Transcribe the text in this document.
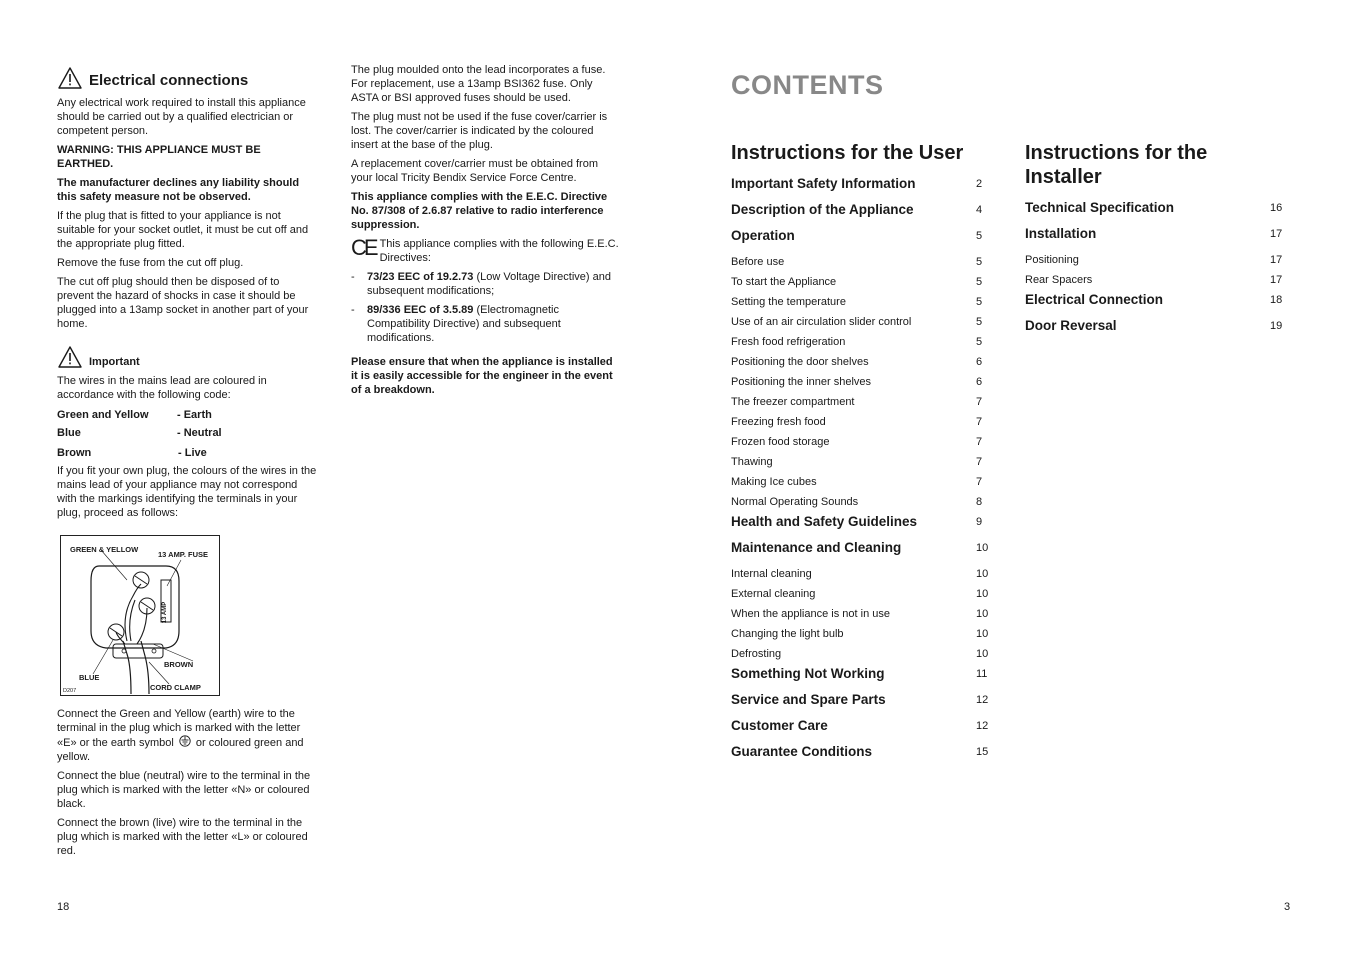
Electrical connections

Any electrical work required to install this appliance should be carried out by a qualified electrician or competent person.

WARNING: THIS APPLIANCE MUST BE EARTHED.

The manufacturer declines any liability should this safety measure not be observed.

If the plug that is fitted to your appliance is not suitable for your socket outlet, it must be cut off and the appropriate plug fitted.

Remove the fuse from the cut off plug.

The cut off plug should then be disposed of to prevent the hazard of shocks in case it should be plugged into a 13amp socket in another part of your home.

Important

The wires in the mains lead are coloured in accordance with the following code:

Green and Yellow	- Earth
Blue	- Neutral
Brown	- Live

If you fit your own plug, the colours of the wires in the mains lead of your appliance may not correspond with the markings identifying the terminals in your plug, proceed as follows:

GREEN & YELLOW
13 AMP. FUSE
13 AMP
BROWN
BLUE
CORD CLAMP
D207

Connect the Green and Yellow (earth) wire to the terminal in the plug which is marked with the letter «E» or the earth symbol or coloured green and yellow.

Connect the blue (neutral) wire to the terminal in the plug which is marked with the letter «N» or coloured black.

Connect the brown (live) wire to the terminal in the plug which is marked with the letter «L» or coloured red.

18

The plug moulded onto the lead incorporates a fuse. For replacement, use a 13amp BSI362 fuse. Only ASTA or BSI approved fuses should be used.

The plug must not be used if the fuse cover/carrier is lost. The cover/carrier is indicated by the coloured insert at the base of the plug.

A replacement cover/carrier must be obtained from your local Tricity Bendix Service Force Centre.

This appliance complies with the E.E.C. Directive No. 87/308 of 2.6.87 relative to radio interference suppression.

CE This appliance complies with the following E.E.C. Directives:
-	73/23 EEC of 19.2.73 (Low Voltage Directive) and subsequent modifications;
-	89/336 EEC of 3.5.89 (Electromagnetic Compatibility Directive) and subsequent modifications.

Please ensure that when the appliance is installed it is easily accessible for the engineer in the event of a breakdown.

CONTENTS
Instructions for the User	Instructions for the Installer
Important Safety Information	2
Description of the Appliance	4
Operation	5
Before use	5
To start the Appliance	5
Setting the temperature	5
Use of an air circulation slider control	5
Fresh food refrigeration	5
Positioning the door shelves	6
Positioning the inner shelves	6
The freezer compartment	7
Freezing fresh food	7
Frozen food storage	7
Thawing	7
Making Ice cubes	7
Normal Operating Sounds	8
Health and Safety Guidelines	9
Maintenance and Cleaning	10
Internal cleaning	10
External cleaning	10
When the appliance is not in use	10
Changing the light bulb	10
Defrosting	10
Something Not Working	11
Service and Spare Parts	12
Customer Care	12
Guarantee Conditions	15
Technical Specification	16
Installation	17
Positioning	17
Rear Spacers	17
Electrical Connection	18
Door Reversal	19
3
